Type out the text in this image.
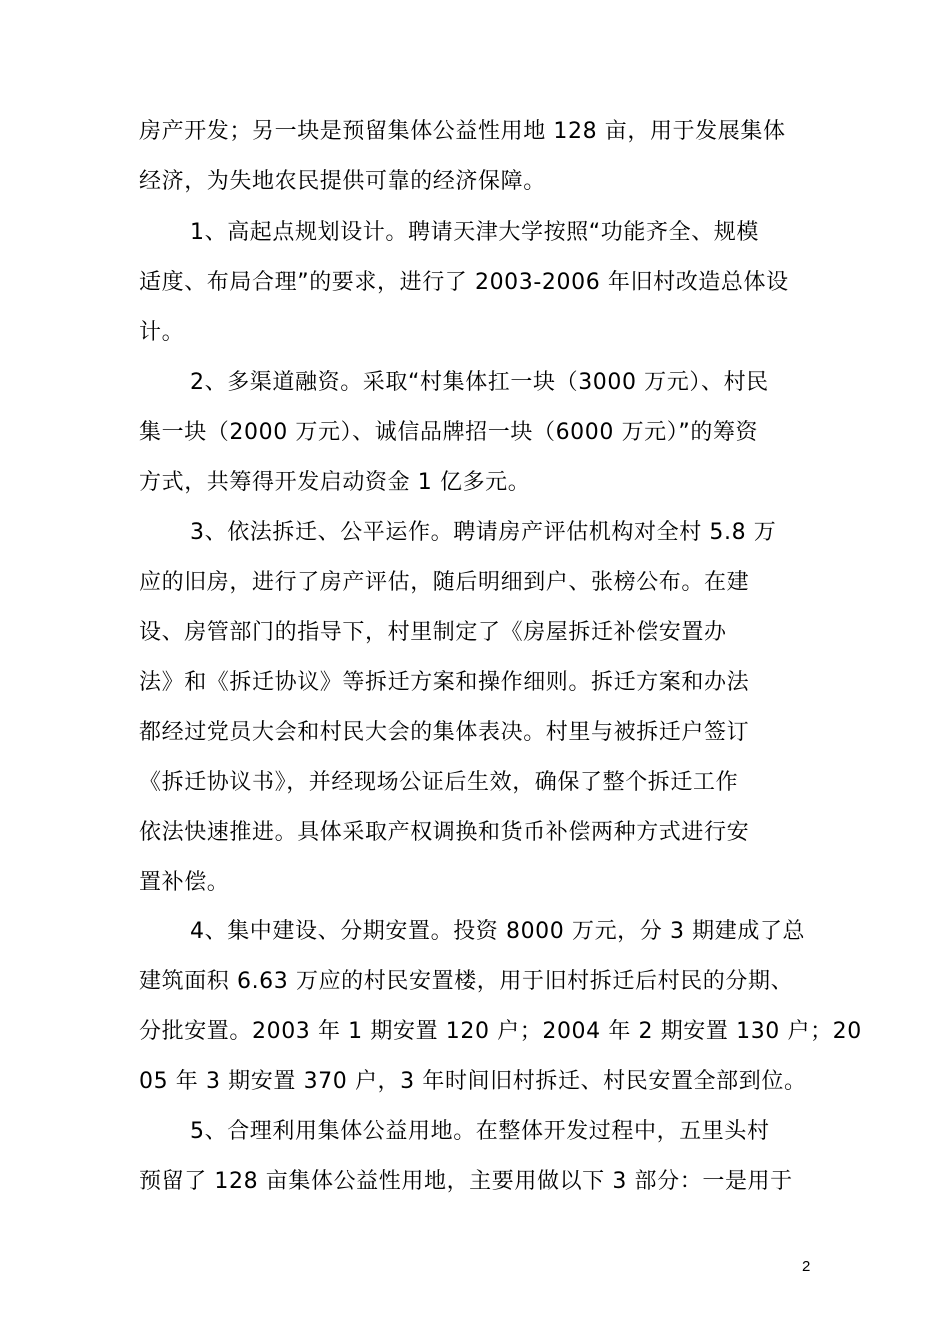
房产开发；另一块是预留集体公益性用地 128 亩，用于发展集体
经济，为失地农民提供可靠的经济保障。
1、高起点规划设计。聘请天津大学按照“功能齐全、规模
适度、布局合理”的要求，进行了 2003-2006 年旧村改造总体设
计。
2、多渠道融资。采取“村集体扛一块（3000 万元）、村民
集一块（2000 万元）、诚信品牌招一块（6000 万元）”的筹资
方式，共筹得开发启动资金 1 亿多元。
3、依法拆迁、公平运作。聘请房产评估机构对全村 5.8 万
应的旧房，进行了房产评估，随后明细到户、张榜公布。在建
设、房管部门的指导下，村里制定了《房屋拆迁补偿安置办
法》和《拆迁协议》等拆迁方案和操作细则。拆迁方案和办法
都经过党员大会和村民大会的集体表决。村里与被拆迁户签订
《拆迁协议书》，并经现场公证后生效，确保了整个拆迁工作
依法快速推进。具体采取产权调换和货币补偿两种方式进行安
置补偿。
4、集中建设、分期安置。投资 8000 万元，分 3 期建成了总
建筑面积 6.63 万应的村民安置楼，用于旧村拆迁后村民的分期、
分批安置。2003 年 1 期安置 120 户；2004 年 2 期安置 130 户；20
05 年 3 期安置 370 户，3 年时间旧村拆迁、村民安置全部到位。
5、合理利用集体公益用地。在整体开发过程中，五里头村
预留了 128 亩集体公益性用地，主要用做以下 3 部分：一是用于
2
